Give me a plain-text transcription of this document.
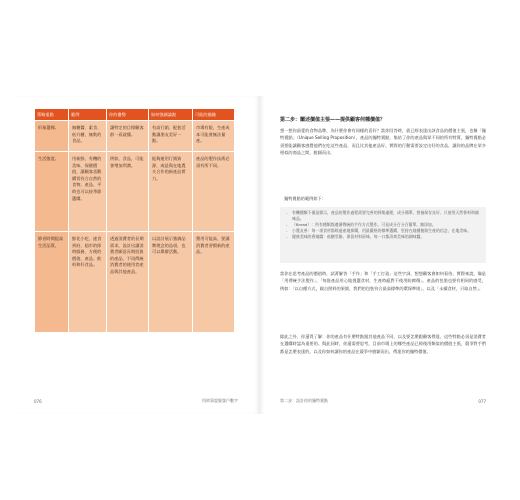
策略重點	範例	你的優勢	如何強調論點	可能的風險
形象選擇。	無糖醬、素食、低升糖、無麩的食品。	讓特定的目標顧客群一看就懂。	有高行銷、配套活動讓朋友美好一點。	市場有限，生產成本可能會無法量產。
生活態度。	用新鮮、有機的美味、保健價值，讓顧客喜歡購買符合自然的食物。產品、平時也可以按季節選購。	例如，食品，可能會增加利潤。	能夠運用行銷資源，或是與在地農夫合作的新產品實力。	產品的製作技術必須有所不同。
節省時間提高生活品質。	鮮花小吃、速食到府、超市的即時服務、方便的價值、產品、飲料和好食品。	透過消費者的長期需求，設計出讓消費者願意長期投資的產品、不再傳統消費者的使用者產品與其他產品。	以設計展示強調品牌理念的品項，也可以舉辦活動。	費用可能高、要讓消費者習慣新的產品。
076	用故事說服客戶數字

第二步：闡述價值主張——提供顧客何種價值？

想一想你最愛的食物品牌，為什麼你會有同樣的喜好？當你回答時，就已經表達出該食品的價值主張，也稱「獨特賣點」（Unique Selling Proposition），產品的獨特賣點，集結了你的產品與眾不同的所有特質，獨特賣點必須要能讓顧客感覺他們在吃這些產品，而且比其他產品好。實際的行動需要設定出好的食品，讓你的品牌在眾多相似的商品之間，脫穎而出。

獨特賣點的範例如下：

- 有機種類不僅是標示，產品的製作過程需要完善的採集處理，成分簡單、營養保存良好、只使用天然香料和調味品。
- （Bread）：所有種類都遵循傳統的手作方式製作。可見成分百分百簡單、無添加。
- 小農友善：每一項食材都經過產地採購，用最嚴格的標準選購，堅持在地種植與生產的信念，在地美味。
- 健康美味的香辣醬：低糖零脂、保留材料原味，每一口都清爽美味的調味醬。

當你在思考產品的價值時，試著解答「手作」和「手工打造」這些字詞，想想顧客會如何看待，實際來說，像是「用傳統手法製作」、「每批產品用心地挑選食材，生產時絕對不使用防腐劑」。產品的包裝也要有相同的感受，例如：「以自種方式，親自照料的果園，我們的包裝符合最高標準的環保準則」。以及「永續食材，只取自然」。

除此之外，你還得了解：你的產品有什麼特點跟其他產品不同，以及要怎麼跟顧客傳達，這些特點必須是消費者在選購時認為重要的。與此同時，你還需要思考，目前市場上的哪些產品已經使用類似的價值主張，競爭對手們都是怎麼表達的，以及你如何讓你的產品在競爭中脫穎而出，傳達你的獨特價值。

第二步：設計你的獨特賣點	077
